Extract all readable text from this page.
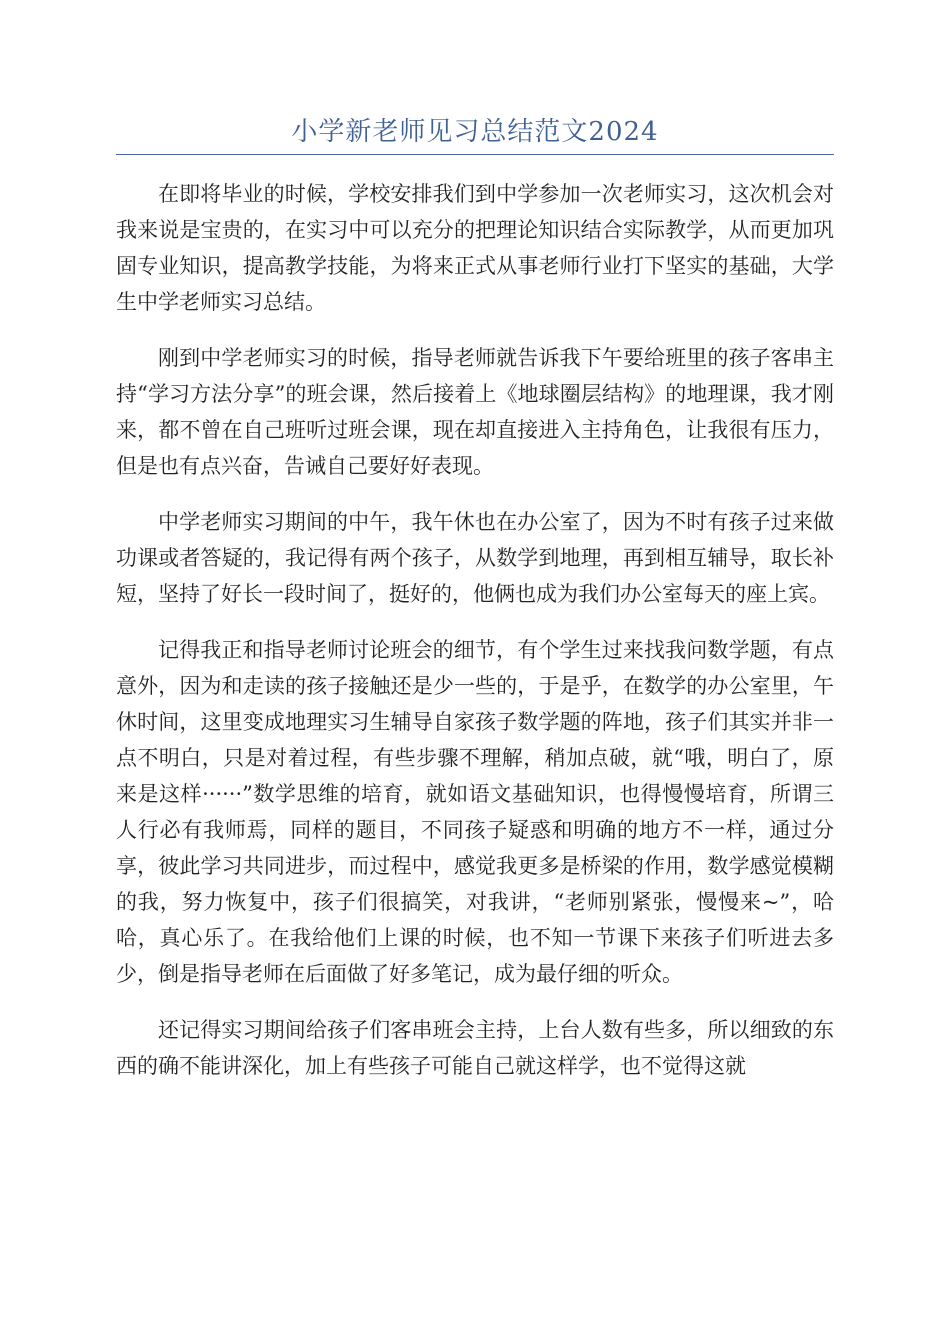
小学新老师见习总结范文2024

在即将毕业的时候，学校安排我们到中学参加一次老师实习，这次机会对我来说是宝贵的，在实习中可以充分的把理论知识结合实际教学，从而更加巩固专业知识，提高教学技能，为将来正式从事老师行业打下坚实的基础，大学生中学老师实习总结。

刚到中学老师实习的时候，指导老师就告诉我下午要给班里的孩子客串主持“学习方法分享”的班会课，然后接着上《地球圈层结构》的地理课，我才刚来，都不曾在自己班听过班会课，现在却直接进入主持角色，让我很有压力，但是也有点兴奋，告诫自己要好好表现。

中学老师实习期间的中午，我午休也在办公室了，因为不时有孩子过来做功课或者答疑的，我记得有两个孩子，从数学到地理，再到相互辅导，取长补短，坚持了好长一段时间了，挺好的，他俩也成为我们办公室每天的座上宾。

记得我正和指导老师讨论班会的细节，有个学生过来找我问数学题，有点意外，因为和走读的孩子接触还是少一些的，于是乎，在数学的办公室里，午休时间，这里变成地理实习生辅导自家孩子数学题的阵地，孩子们其实并非一点不明白，只是对着过程，有些步骤不理解，稍加点破，就“哦，明白了，原来是这样······”数学思维的培育，就如语文基础知识，也得慢慢培育，所谓三人行必有我师焉，同样的题目，不同孩子疑惑和明确的地方不一样，通过分享，彼此学习共同进步，而过程中，感觉我更多是桥梁的作用，数学感觉模糊的我，努力恢复中，孩子们很搞笑，对我讲，“老师别紧张，慢慢来~”，哈哈，真心乐了。在我给他们上课的时候，也不知一节课下来孩子们听进去多少，倒是指导老师在后面做了好多笔记，成为最仔细的听众。

还记得实习期间给孩子们客串班会主持，上台人数有些多，所以细致的东西的确不能讲深化，加上有些孩子可能自己就这样学，也不觉得这就
